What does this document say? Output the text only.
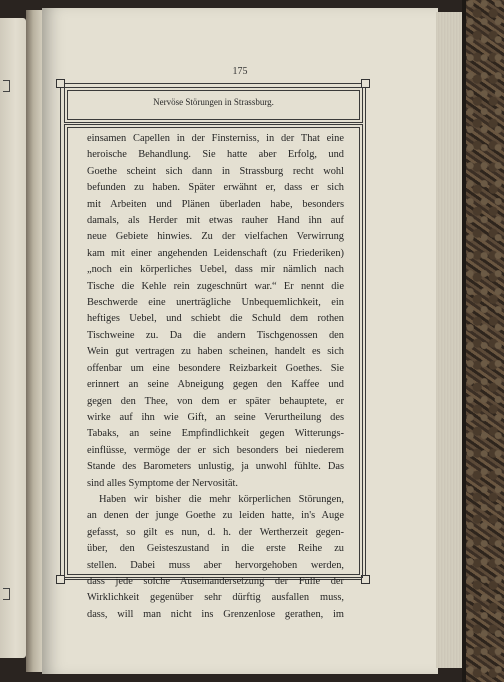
175
Nervöse Störungen in Strassburg.
einsamen Capellen in der Finsterniss, in der That eine
heroische Behandlung. Sie hatte aber Erfolg, und
Goethe scheint sich dann in Strassburg recht wohl
befunden zu haben. Später erwähnt er, dass er sich
mit Arbeiten und Plänen überladen habe, besonders
damals, als Herder mit etwas rauher Hand ihn auf
neue Gebiete hinwies. Zu der vielfachen Verwirrung
kam mit einer angehenden Leidenschaft (zu Friederiken)
„noch ein körperliches Uebel, dass mir nämlich nach
Tische die Kehle rein zugeschnürt war.“ Er nennt die
Beschwerde eine unerträgliche Unbequemlichkeit, ein
heftiges Uebel, und schiebt die Schuld dem rothen
Tischweine zu. Da die andern Tischgenossen den
Wein gut vertragen zu haben scheinen, handelt es sich
offenbar um eine besondere Reizbarkeit Goethes. Sie
erinnert an seine Abneigung gegen den Kaffee und
gegen den Thee, von dem er später behauptete, er
wirke auf ihn wie Gift, an seine Verurtheilung des
Tabaks, an seine Empfindlichkeit gegen Witterungs-
einflüsse, vermöge der er sich besonders bei niederem
Stande des Barometers unlustig, ja unwohl fühlte. Das
sind alles Symptome der Nervosität.
Haben wir bisher die mehr körperlichen Störungen,
an denen der junge Goethe zu leiden hatte, in's Auge
gefasst, so gilt es nun, d. h. der Wertherzeit gegen-
über, den Geisteszustand in die erste Reihe zu
stellen. Dabei muss aber hervorgehoben werden,
dass jede solche Auseinandersetzung der Fülle der
Wirklichkeit gegenüber sehr dürftig ausfallen muss,
dass, will man nicht ins Grenzenlose gerathen, im
